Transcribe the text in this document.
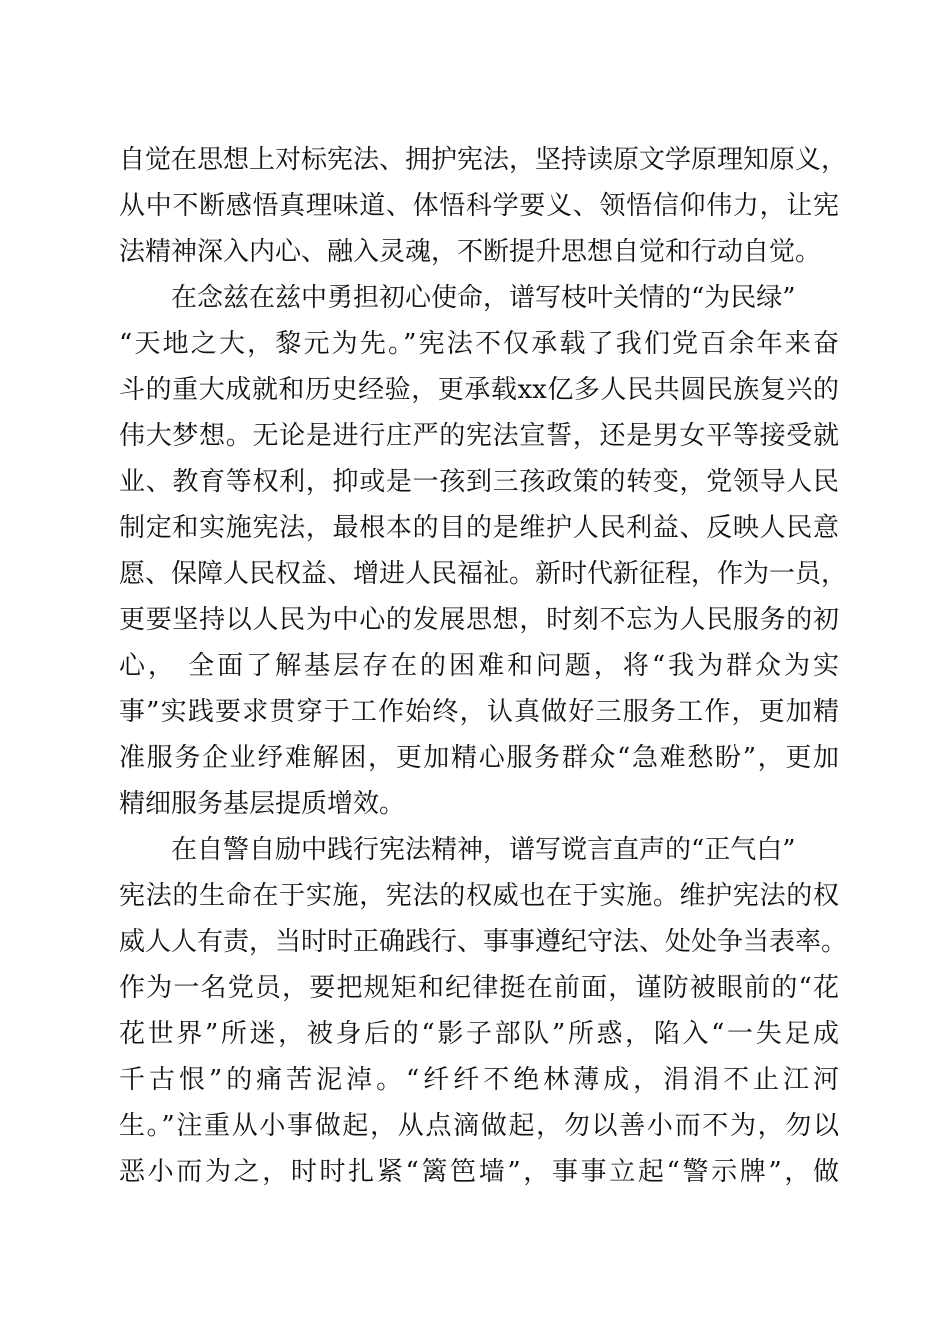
自觉在思想上对标宪法、拥护宪法，坚持读原文学原理知原义，
从中不断感悟真理味道、体悟科学要义、领悟信仰伟力，让宪
法精神深入内心、融入灵魂，不断提升思想自觉和行动自觉。
在念兹在兹中勇担初心使命，谱写枝叶关情的“为民绿”
“天地之大，黎元为先。”宪法不仅承载了我们党百余年来奋
斗的重大成就和历史经验，更承载xx亿多人民共圆民族复兴的
伟大梦想。无论是进行庄严的宪法宣誓，还是男女平等接受就
业、教育等权利，抑或是一孩到三孩政策的转变，党领导人民
制定和实施宪法，最根本的目的是维护人民利益、反映人民意
愿、保障人民权益、增进人民福祉。新时代新征程，作为一员，
更要坚持以人民为中心的发展思想，时刻不忘为人民服务的初
心， 全面了解基层存在的困难和问题，将“我为群众为实
事”实践要求贯穿于工作始终，认真做好三服务工作，更加精
准服务企业纾难解困，更加精心服务群众“急难愁盼”，更加
精细服务基层提质增效。
在自警自励中践行宪法精神，谱写谠言直声的“正气白”
宪法的生命在于实施，宪法的权威也在于实施。维护宪法的权
威人人有责，当时时正确践行、事事遵纪守法、处处争当表率。
作为一名党员，要把规矩和纪律挺在前面，谨防被眼前的“花
花世界”所迷，被身后的“影子部队”所惑，陷入“一失足成
千古恨”的痛苦泥淖。“纤纤不绝林薄成，涓涓不止江河
生。”注重从小事做起，从点滴做起，勿以善小而不为，勿以
恶小而为之，时时扎紧“篱笆墙”，事事立起“警示牌”，做
